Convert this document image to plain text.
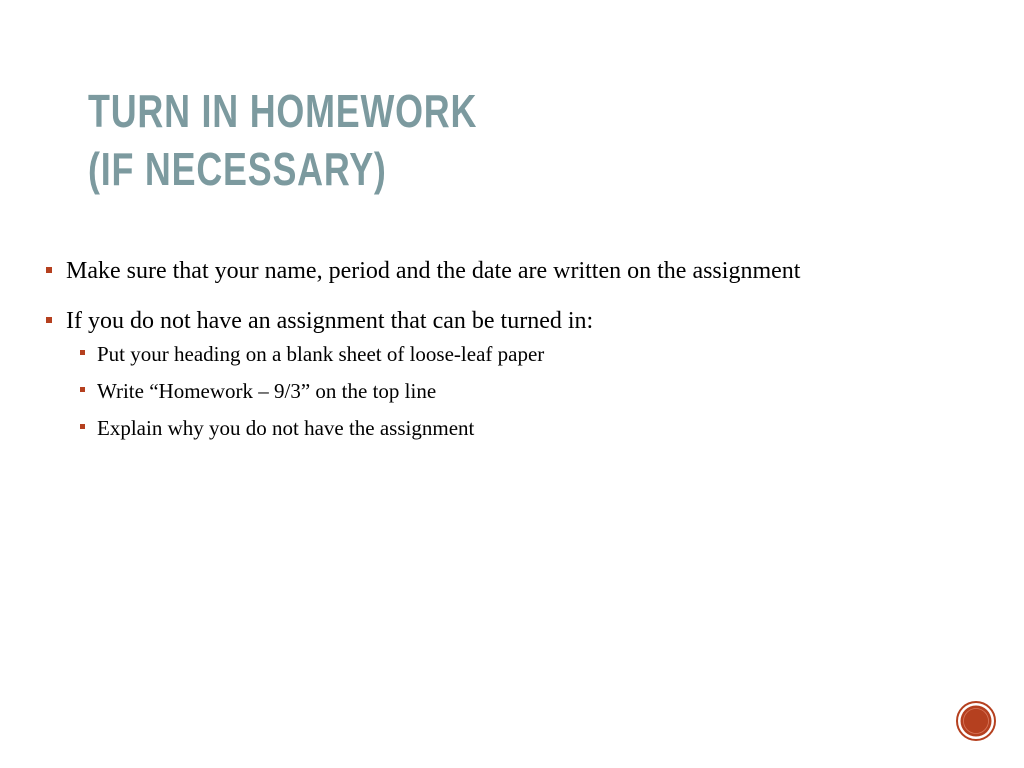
TURN IN HOMEWORK
(IF NECESSARY)
Make sure that your name, period and the date are written on the assignment
If you do not have an assignment that can be turned in:
Put your heading on a blank sheet of loose-leaf paper
Write “Homework – 9/3” on the top line
Explain why you do not have the assignment
